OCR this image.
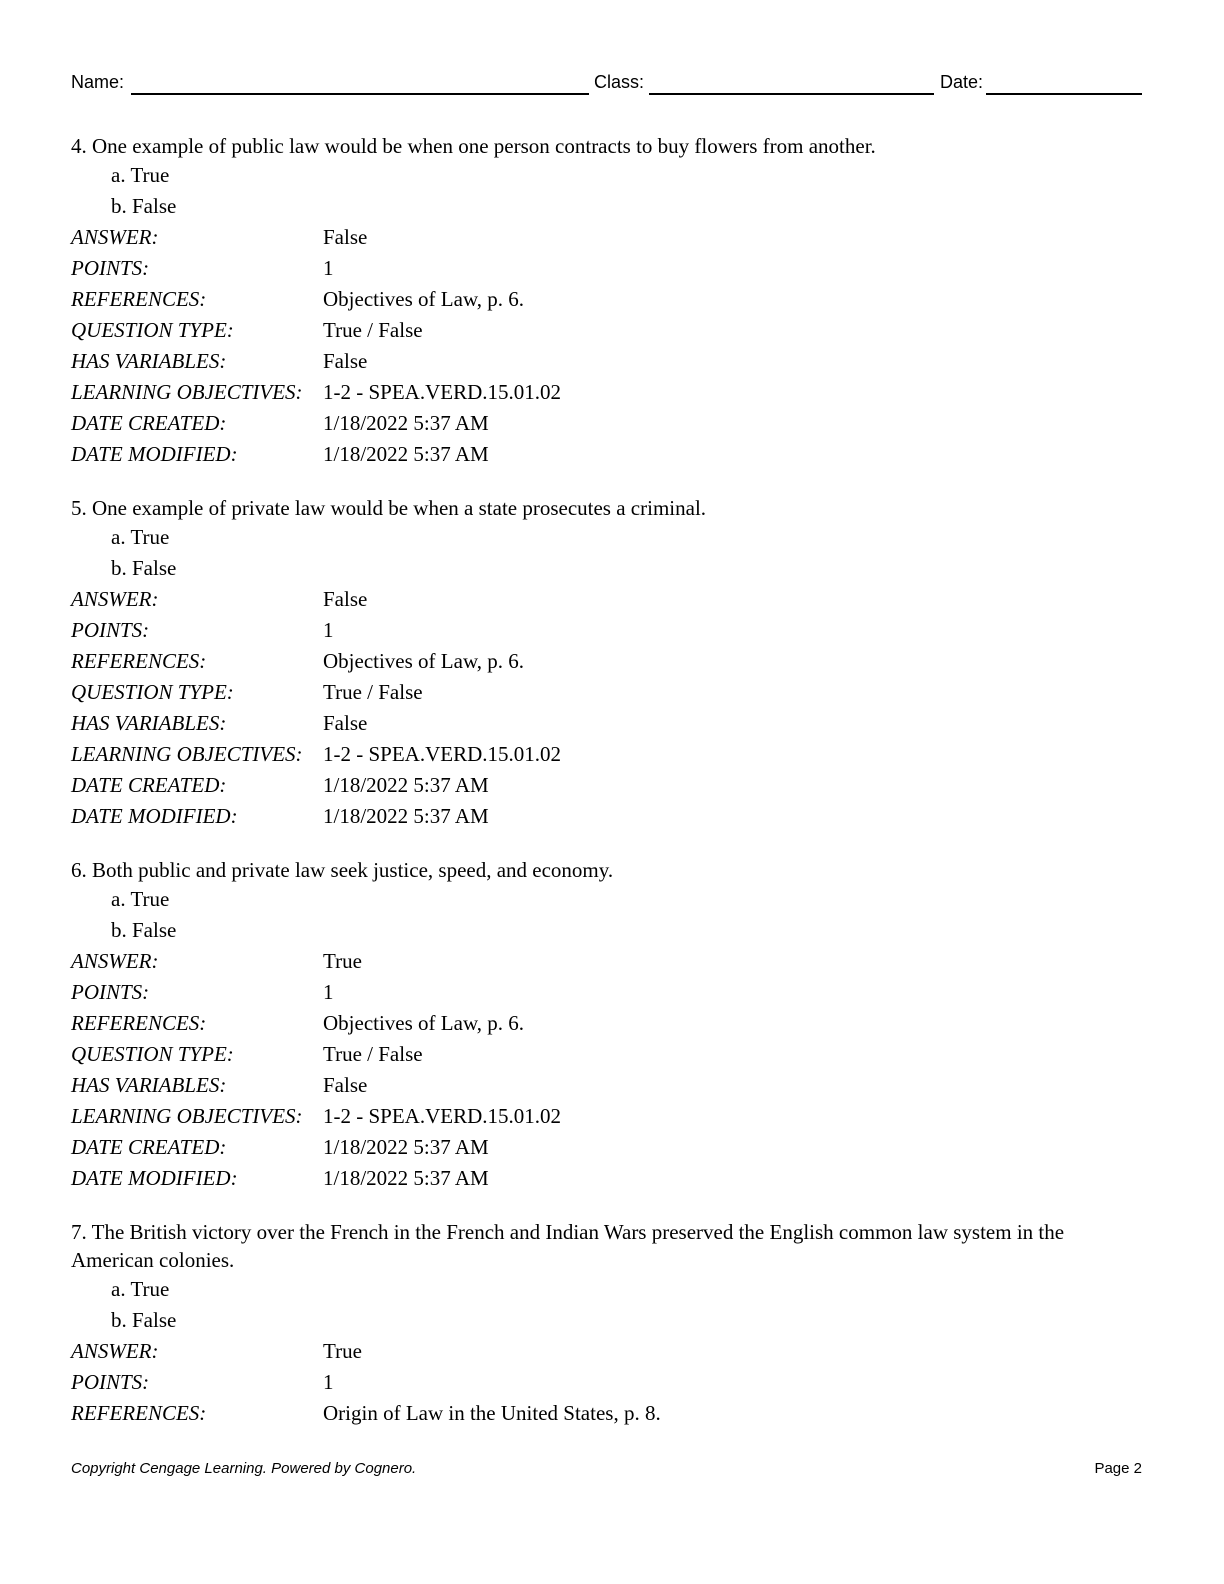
Name:	Class:	Date:
4. One example of public law would be when one person contracts to buy flowers from another.
a. True
b. False
ANSWER:	False
POINTS:	1
REFERENCES:	Objectives of Law, p. 6.
QUESTION TYPE:	True / False
HAS VARIABLES:	False
LEARNING OBJECTIVES: 1-2 - SPEA.VERD.15.01.02
DATE CREATED:	1/18/2022 5:37 AM
DATE MODIFIED:	1/18/2022 5:37 AM
5. One example of private law would be when a state prosecutes a criminal.
a. True
b. False
ANSWER:	False
POINTS:	1
REFERENCES:	Objectives of Law, p. 6.
QUESTION TYPE:	True / False
HAS VARIABLES:	False
LEARNING OBJECTIVES: 1-2 - SPEA.VERD.15.01.02
DATE CREATED:	1/18/2022 5:37 AM
DATE MODIFIED:	1/18/2022 5:37 AM
6. Both public and private law seek justice, speed, and economy.
a. True
b. False
ANSWER:	True
POINTS:	1
REFERENCES:	Objectives of Law, p. 6.
QUESTION TYPE:	True / False
HAS VARIABLES:	False
LEARNING OBJECTIVES: 1-2 - SPEA.VERD.15.01.02
DATE CREATED:	1/18/2022 5:37 AM
DATE MODIFIED:	1/18/2022 5:37 AM
7. The British victory over the French in the French and Indian Wars preserved the English common law system in the American colonies.
a. True
b. False
ANSWER:	True
POINTS:	1
REFERENCES:	Origin of Law in the United States, p. 8.
Copyright Cengage Learning. Powered by Cognero.	Page 2
